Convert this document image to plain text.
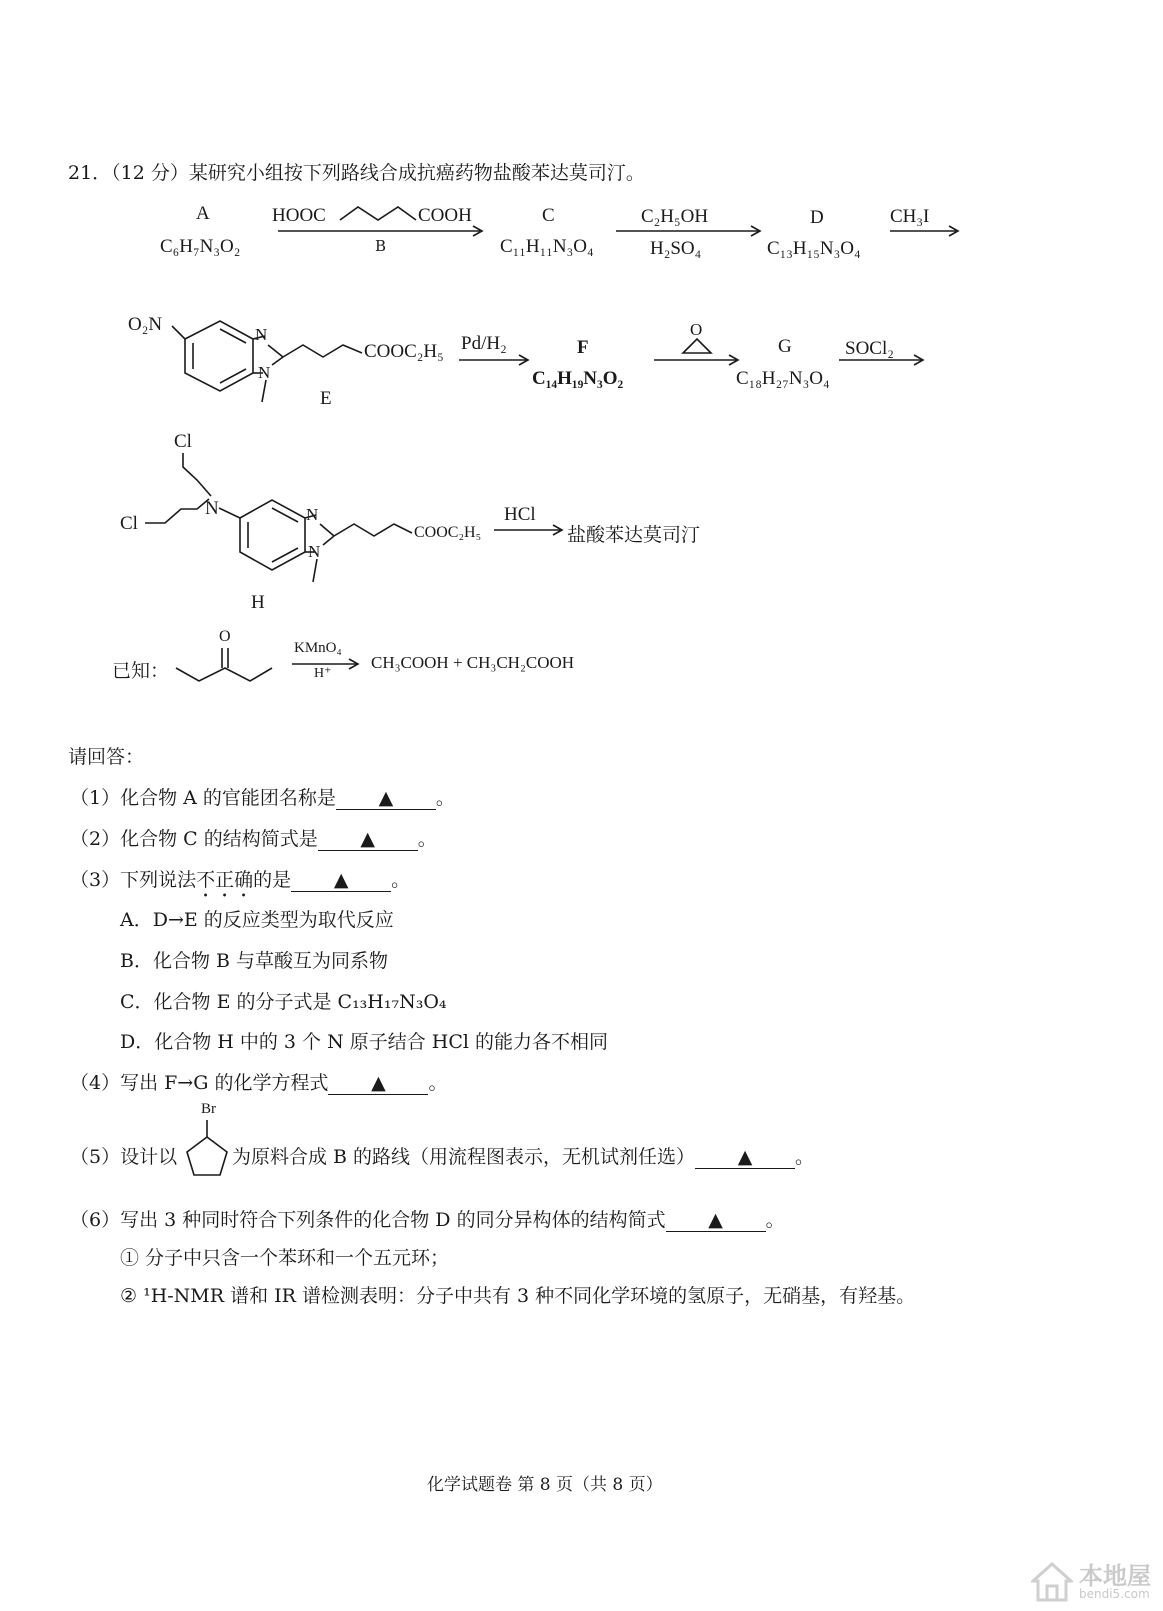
21．（12 分）某研究小组按下列路线合成抗癌药物盐酸苯达莫司汀。
A
C₆H₇N₃O₂
HOOC	COOH
B
C
C₁₁H₁₁N₃O₄
C₂H₅OH
H₂SO₄
D
C₁₃H₁₅N₃O₄
CH₃I
O₂N	N
N
COOC₂H₅
E
Pd/H₂	F
C₁₄H₁₉N₃O₂
O
G
C₁₈H₂₇N₃O₄
SOCl₂
Cl
Cl
N	N
N
COOC₂H₅
H
HCl
盐酸苯达莫司汀
已知：
O
KMnO₄
H⁺
CH₃COOH + CH₃CH₂COOH
请回答：
（1）化合物 A 的官能团名称是 ▲ 。
（2）化合物 C 的结构简式是 ▲ 。
（3）下列说法不正确的是 ▲ 。
A．D→E 的反应类型为取代反应
B．化合物 B 与草酸互为同系物
C．化合物 E 的分子式是 C₁₃H₁₇N₃O₄
D．化合物 H 中的 3 个 N 原子结合 HCl 的能力各不相同
（4）写出 F→G 的化学方程式 ▲ 。
Br
（5）设计以	为原料合成 B 的路线（用流程图表示，无机试剂任选） ▲ 。
（6）写出 3 种同时符合下列条件的化合物 D 的同分异构体的结构简式 ▲ 。
① 分子中只含一个苯环和一个五元环；
② ¹H-NMR 谱和 IR 谱检测表明：分子中共有 3 种不同化学环境的氢原子，无硝基，有羟基。
化学试题卷 第 8 页（共 8 页）
本地屋
bendi5.com
